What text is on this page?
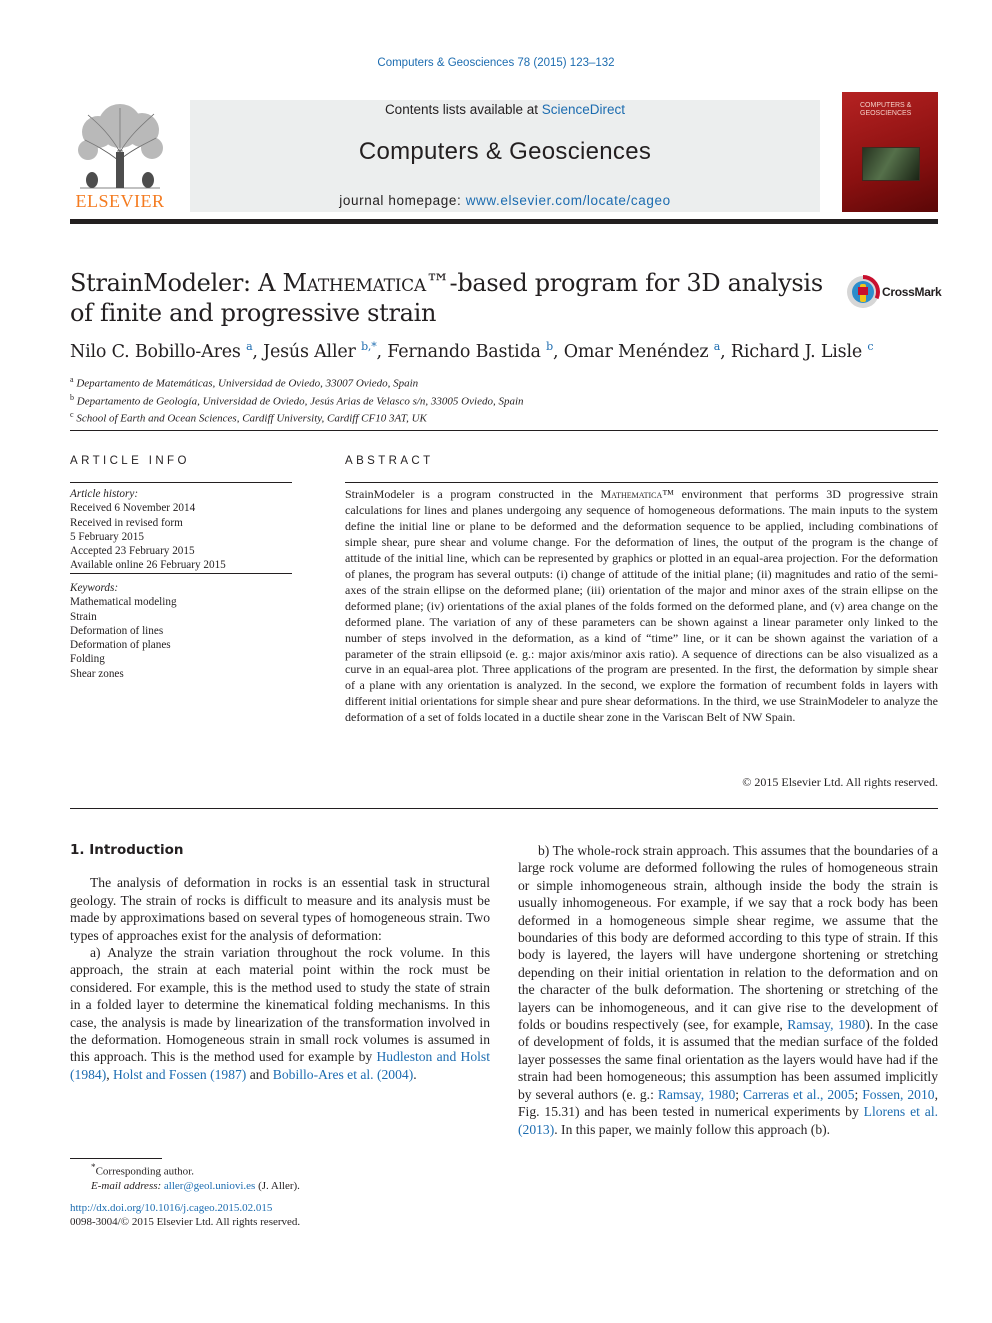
Computers & Geosciences 78 (2015) 123–132
ELSEVIER
Contents lists available at ScienceDirect
Computers & Geosciences
journal homepage: www.elsevier.com/locate/cageo
COMPUTERS & GEOSCIENCES
StrainModeler: A Mathematica™-based program for 3D analysis of finite and progressive strain
CrossMark
Nilo C. Bobillo-Ares $^a$, Jesús Aller $^{b,*}$, Fernando Bastida $^b$, Omar Menéndez $^a$, Richard J. Lisle $^c$
$^a$ Departamento de Matemáticas, Universidad de Oviedo, 33007 Oviedo, Spain
$^b$ Departamento de Geología, Universidad de Oviedo, Jesús Arias de Velasco s/n, 33005 Oviedo, Spain
$^c$ School of Earth and Ocean Sciences, Cardiff University, Cardiff CF10 3AT, UK
ARTICLE INFO	ABSTRACT
Article history:
Received 6 November 2014
Received in revised form
5 February 2015
Accepted 23 February 2015
Available online 26 February 2015
Keywords:
Mathematical modeling
Strain
Deformation of lines
Deformation of planes
Folding
Shear zones
StrainModeler is a program constructed in the Mathematica™ environment that performs 3D progressive strain calculations for lines and planes undergoing any sequence of homogeneous deformations. The main inputs to the system define the initial line or plane to be deformed and the deformation sequence to be applied, including combinations of simple shear, pure shear and volume change. For the deformation of lines, the output of the program is the change of attitude of the initial line, which can be represented by graphics or plotted in an equal-area projection. For the deformation of planes, the program has several outputs: (i) change of attitude of the initial plane; (ii) magnitudes and ratio of the semi-axes of the strain ellipse on the deformed plane; (iii) orientation of the major and minor axes of the strain ellipse on the deformed plane; (iv) orientations of the axial planes of the folds formed on the deformed plane, and (v) area change on the deformed plane. The variation of any of these parameters can be shown against a linear parameter only linked to the number of steps involved in the deformation, as a kind of “time” line, or it can be shown against the variation of a parameter of the strain ellipsoid (e. g.: major axis/minor axis ratio). A sequence of directions can be also visualized as a curve in an equal-area plot. Three applications of the program are presented. In the first, the deformation by simple shear of a plane with any orientation is analyzed. In the second, we explore the formation of recumbent folds in layers with different initial orientations for simple shear and pure shear deformations. In the third, we use StrainModeler to analyze the deformation of a set of folds located in a ductile shear zone in the Variscan Belt of NW Spain.
© 2015 Elsevier Ltd. All rights reserved.
1. Introduction

The analysis of deformation in rocks is an essential task in structural geology. The strain of rocks is difficult to measure and its analysis must be made by approximations based on several types of homogeneous strain. Two types of approaches exist for the analysis of deformation:

a) Analyze the strain variation throughout the rock volume. In this approach, the strain at each material point within the rock must be considered. For example, this is the method used to study the state of strain in a folded layer to determine the kinematical folding mechanisms. In this case, the analysis is made by linearization of the transformation involved in the deformation. Homogeneous strain in small rock volumes is assumed in this approach. This is the method used for example by Hudleston and Holst (1984), Holst and Fossen (1987) and Bobillo-Ares et al. (2004).

b) The whole-rock strain approach. This assumes that the boundaries of a large rock volume are deformed following the rules of homogeneous strain or simple inhomogeneous strain, although inside the body the strain is usually inhomogeneous. For example, if we say that a rock body has been deformed in a homogeneous simple shear regime, we assume that the boundaries of this body are deformed according to this type of strain. If this body is layered, the layers will have undergone shortening or stretching depending on their initial orientation in relation to the deformation and on the character of the bulk deformation. The shortening or stretching of the layers can be inhomogeneous, and it can give rise to the development of folds or boudins respectively (see, for example, Ramsay, 1980). In the case of development of folds, it is assumed that the median surface of the folded layer possesses the same final orientation as the layers would have had if the strain had been homogeneous; this assumption has been assumed implicitly by several authors (e. g.: Ramsay, 1980; Carreras et al., 2005; Fossen, 2010, Fig. 15.31) and has been tested in numerical experiments by Llorens et al. (2013). In this paper, we mainly follow this approach (b).

*Corresponding author.
E-mail address: aller@geol.uniovi.es (J. Aller).
http://dx.doi.org/10.1016/j.cageo.2015.02.015
0098-3004/© 2015 Elsevier Ltd. All rights reserved.
